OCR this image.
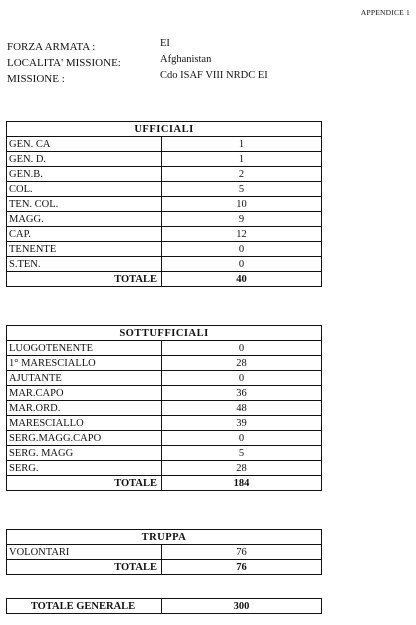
APPENDICE 1
FORZA ARMATA :	EI
LOCALITA' MISSIONE:	Afghanistan
MISSIONE :	Cdo ISAF VIII NRDC EI
UFFICIALI	
GEN. CA	1
GEN. D.	1
GEN.B.	2
COL.	5
TEN. COL.	10
MAGG.	9
CAP.	12
TENENTE	0
S.TEN.	0
TOTALE	40
SOTTUFFICIALI	
LUOGOTENENTE	0
1° MARESCIALLO	28
AJUTANTE	0
MAR.CAPO	36
MAR.ORD.	48
MARESCIALLO	39
SERG.MAGG.CAPO	0
SERG. MAGG	5
SERG.	28
TOTALE	184
TRUPPA	
VOLONTARI	76
TOTALE	76
TOTALE GENERALE	300
